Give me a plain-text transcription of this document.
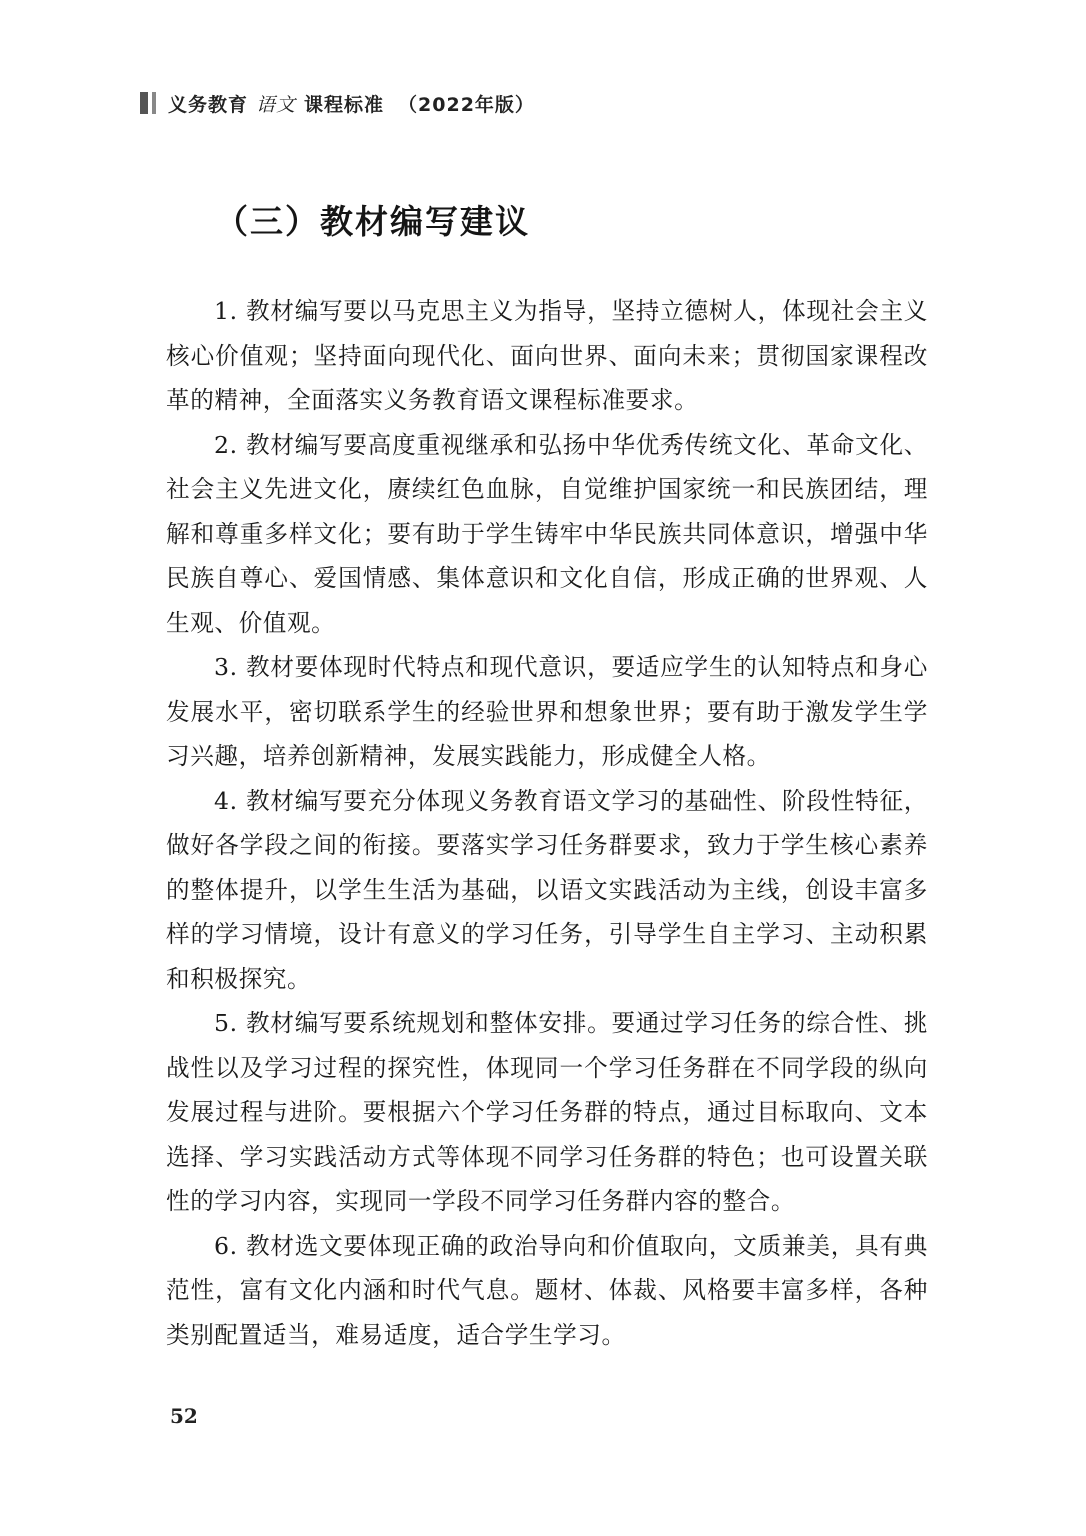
义务教育 语文 课程标准 （2022年版）
（三）教材编写建议

1. 教材编写要以马克思主义为指导，坚持立德树人，体现社会主义核心价值观；坚持面向现代化、面向世界、面向未来；贯彻国家课程改革的精神，全面落实义务教育语文课程标准要求。

2. 教材编写要高度重视继承和弘扬中华优秀传统文化、革命文化、社会主义先进文化，赓续红色血脉，自觉维护国家统一和民族团结，理解和尊重多样文化；要有助于学生铸牢中华民族共同体意识，增强中华民族自尊心、爱国情感、集体意识和文化自信，形成正确的世界观、人生观、价值观。

3. 教材要体现时代特点和现代意识，要适应学生的认知特点和身心发展水平，密切联系学生的经验世界和想象世界；要有助于激发学生学习兴趣，培养创新精神，发展实践能力，形成健全人格。

4. 教材编写要充分体现义务教育语文学习的基础性、阶段性特征，做好各学段之间的衔接。要落实学习任务群要求，致力于学生核心素养的整体提升，以学生生活为基础，以语文实践活动为主线，创设丰富多样的学习情境，设计有意义的学习任务，引导学生自主学习、主动积累和积极探究。

5. 教材编写要系统规划和整体安排。要通过学习任务的综合性、挑战性以及学习过程的探究性，体现同一个学习任务群在不同学段的纵向发展过程与进阶。要根据六个学习任务群的特点，通过目标取向、文本选择、学习实践活动方式等体现不同学习任务群的特色；也可设置关联性的学习内容，实现同一学段不同学习任务群内容的整合。

6. 教材选文要体现正确的政治导向和价值取向，文质兼美，具有典范性，富有文化内涵和时代气息。题材、体裁、风格要丰富多样，各种类别配置适当，难易适度，适合学生学习。

52
